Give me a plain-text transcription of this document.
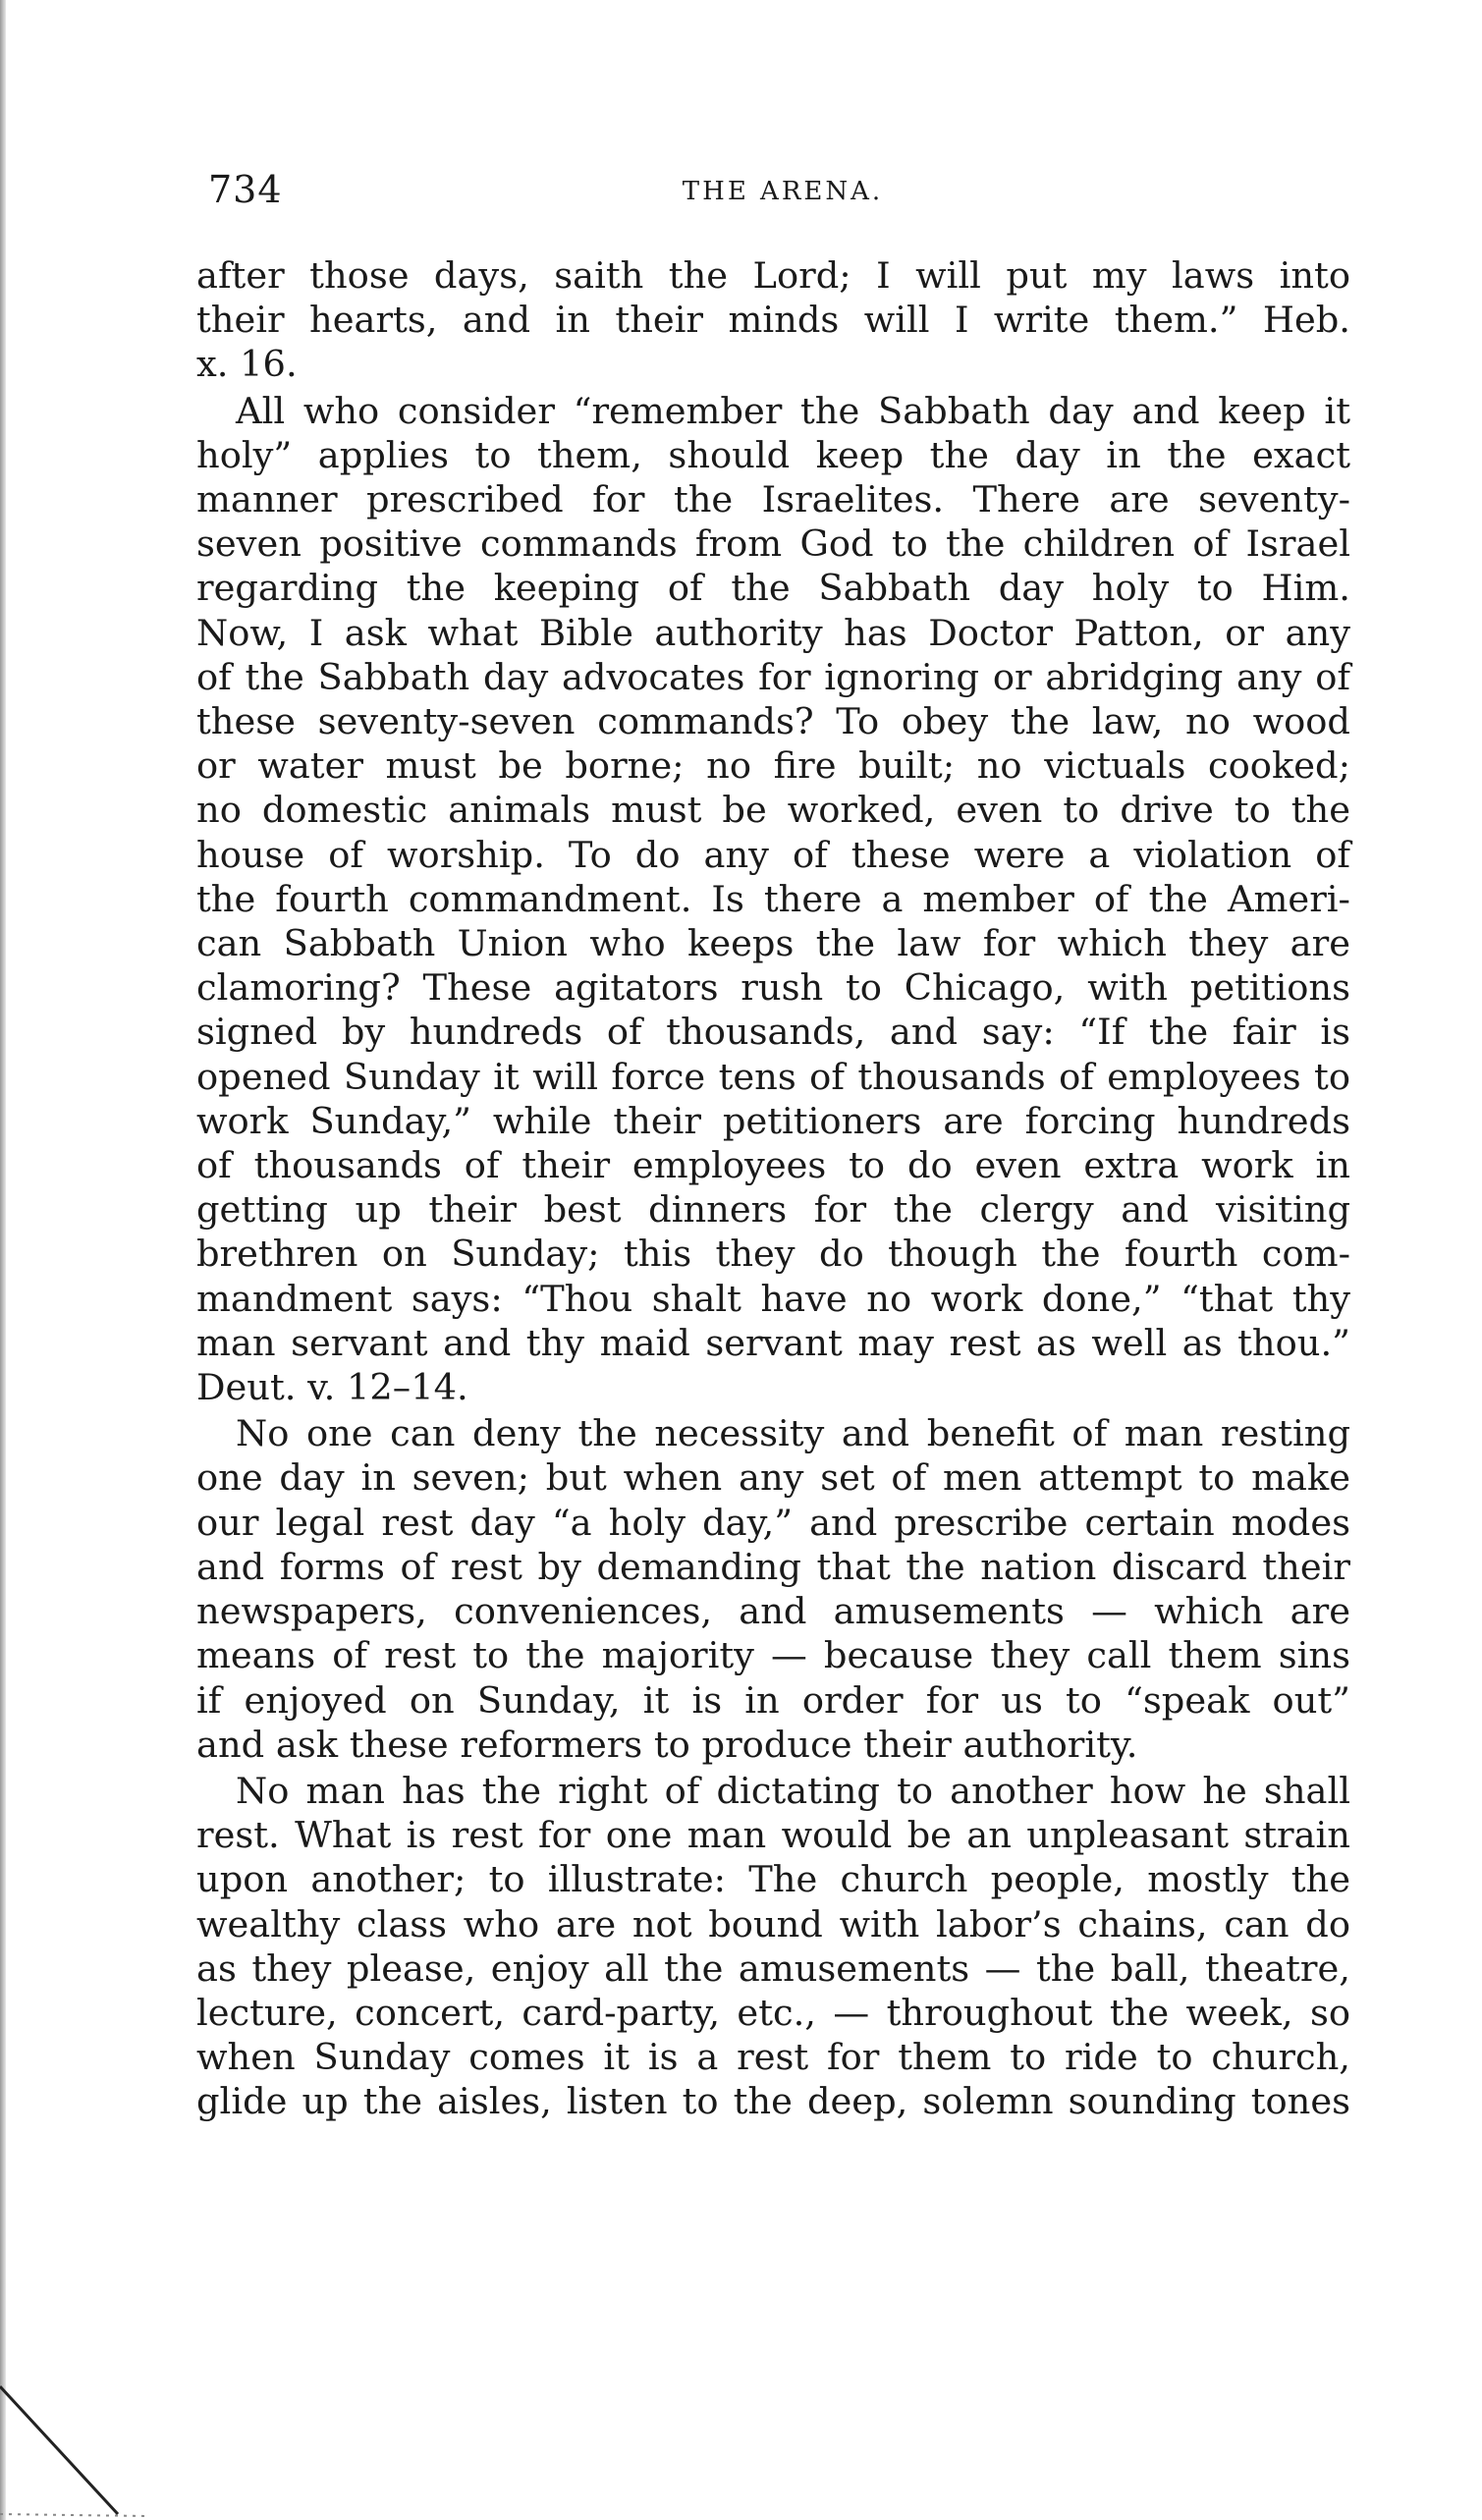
734	THE ARENA.
after those days, saith the Lord; I will put my laws into
their hearts, and in their minds will I write them.” Heb.
x. 16.
All who consider “remember the Sabbath day and keep it
holy” applies to them, should keep the day in the exact
manner prescribed for the Israelites. There are seventy-
seven positive commands from God to the children of Israel
regarding the keeping of the Sabbath day holy to Him.
Now, I ask what Bible authority has Doctor Patton, or any
of the Sabbath day advocates for ignoring or abridging any of
these seventy-seven commands? To obey the law, no wood
or water must be borne; no fire built; no victuals cooked;
no domestic animals must be worked, even to drive to the
house of worship. To do any of these were a violation of
the fourth commandment. Is there a member of the Ameri-
can Sabbath Union who keeps the law for which they are
clamoring? These agitators rush to Chicago, with petitions
signed by hundreds of thousands, and say: “If the fair is
opened Sunday it will force tens of thousands of employees to
work Sunday,” while their petitioners are forcing hundreds
of thousands of their employees to do even extra work in
getting up their best dinners for the clergy and visiting
brethren on Sunday; this they do though the fourth com-
mandment says: “Thou shalt have no work done,” “that thy
man servant and thy maid servant may rest as well as thou.”
Deut. v. 12–14.
No one can deny the necessity and benefit of man resting
one day in seven; but when any set of men attempt to make
our legal rest day “a holy day,” and prescribe certain modes
and forms of rest by demanding that the nation discard their
newspapers, conveniences, and amusements — which are
means of rest to the majority — because they call them sins
if enjoyed on Sunday, it is in order for us to “speak out”
and ask these reformers to produce their authority.
No man has the right of dictating to another how he shall
rest. What is rest for one man would be an unpleasant strain
upon another; to illustrate: The church people, mostly the
wealthy class who are not bound with labor’s chains, can do
as they please, enjoy all the amusements — the ball, theatre,
lecture, concert, card-party, etc., — throughout the week, so
when Sunday comes it is a rest for them to ride to church,
glide up the aisles, listen to the deep, solemn sounding tones
